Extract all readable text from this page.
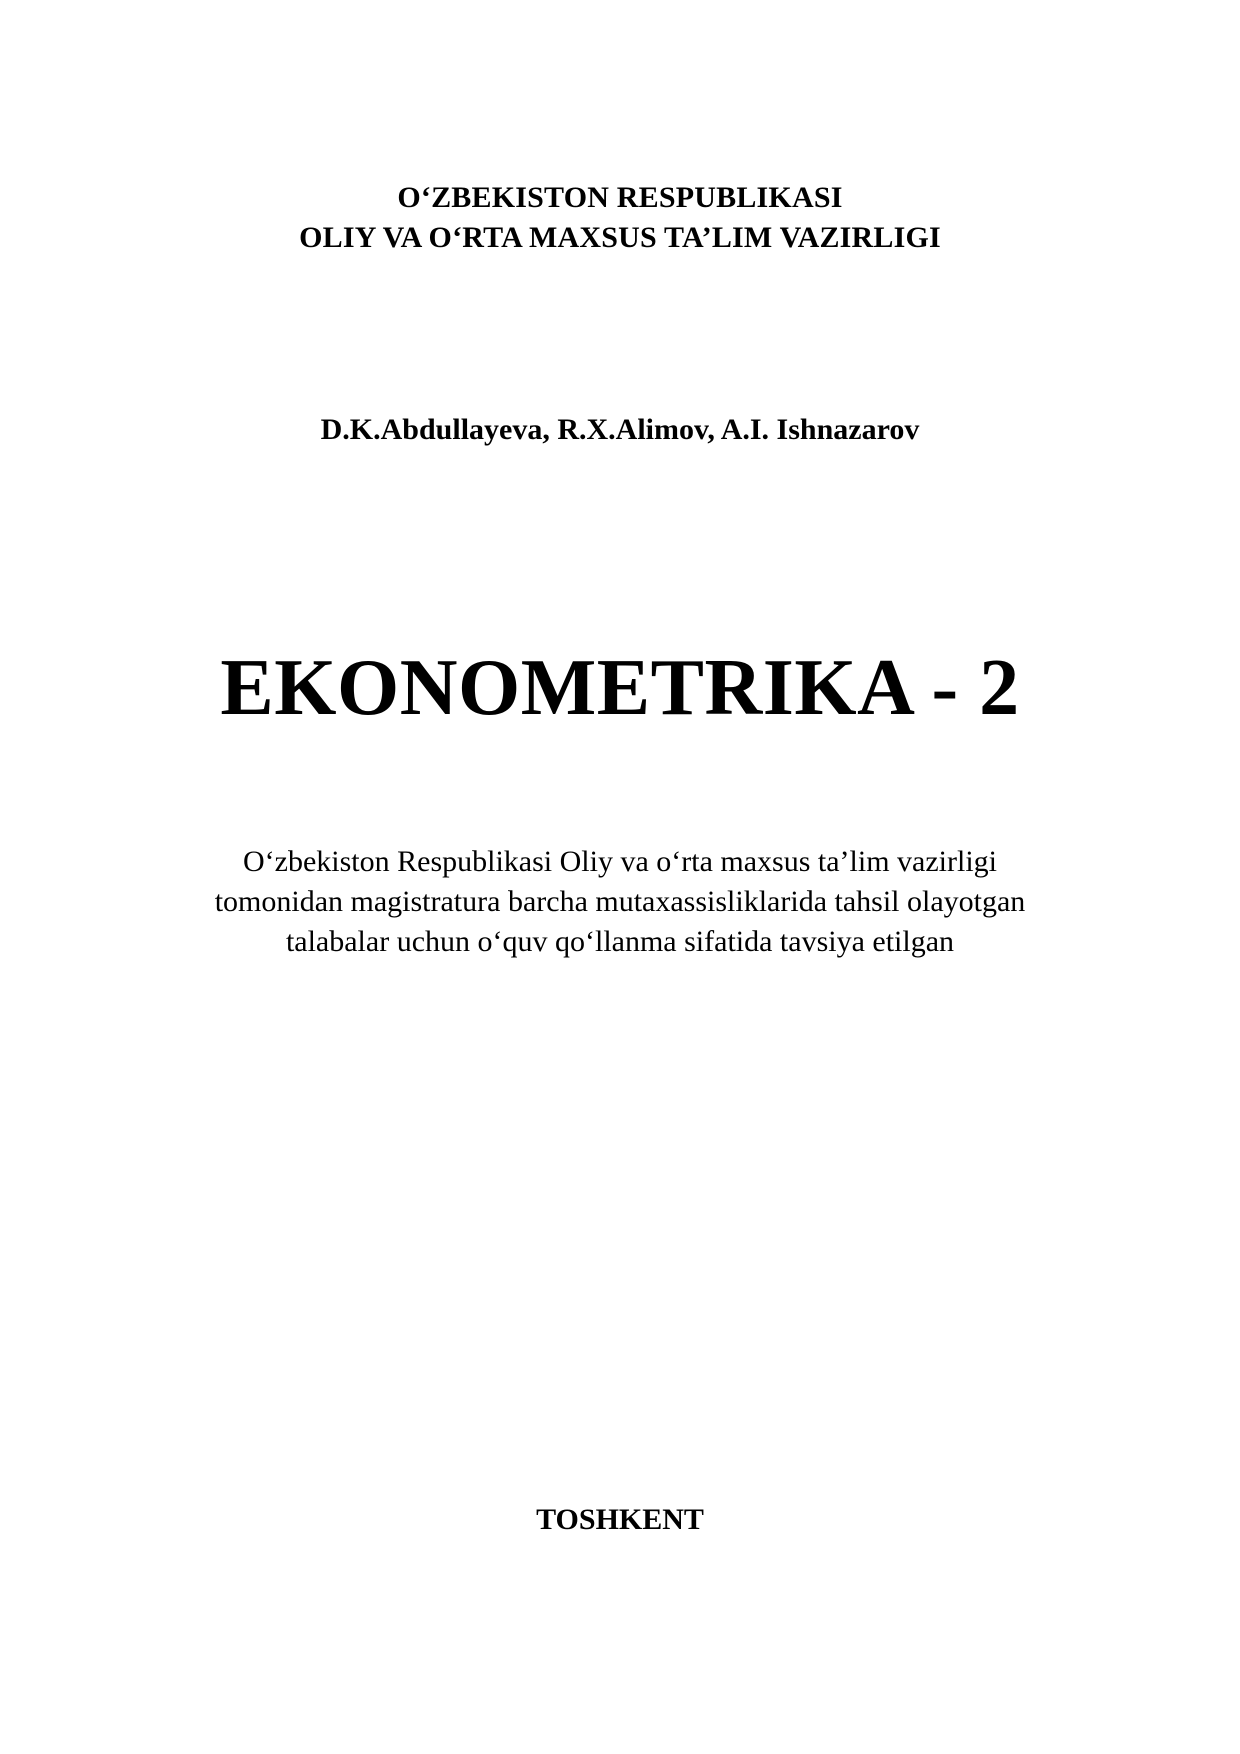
O‘ZBEKISTON RESPUBLIKASI
OLIY VA O‘RTA MAXSUS TA’LIM VAZIRLIGI
D.K.Abdullayeva, R.X.Alimov, A.I. Ishnazarov
EKONOMETRIKA - 2
O‘zbekiston Respublikasi Oliy va o‘rta maxsus ta’lim vazirligi
tomonidan magistratura barcha mutaxassisliklarida tahsil olayotgan
talabalar uchun o‘quv qo‘llanma sifatida tavsiya etilgan
TOSHKENT
